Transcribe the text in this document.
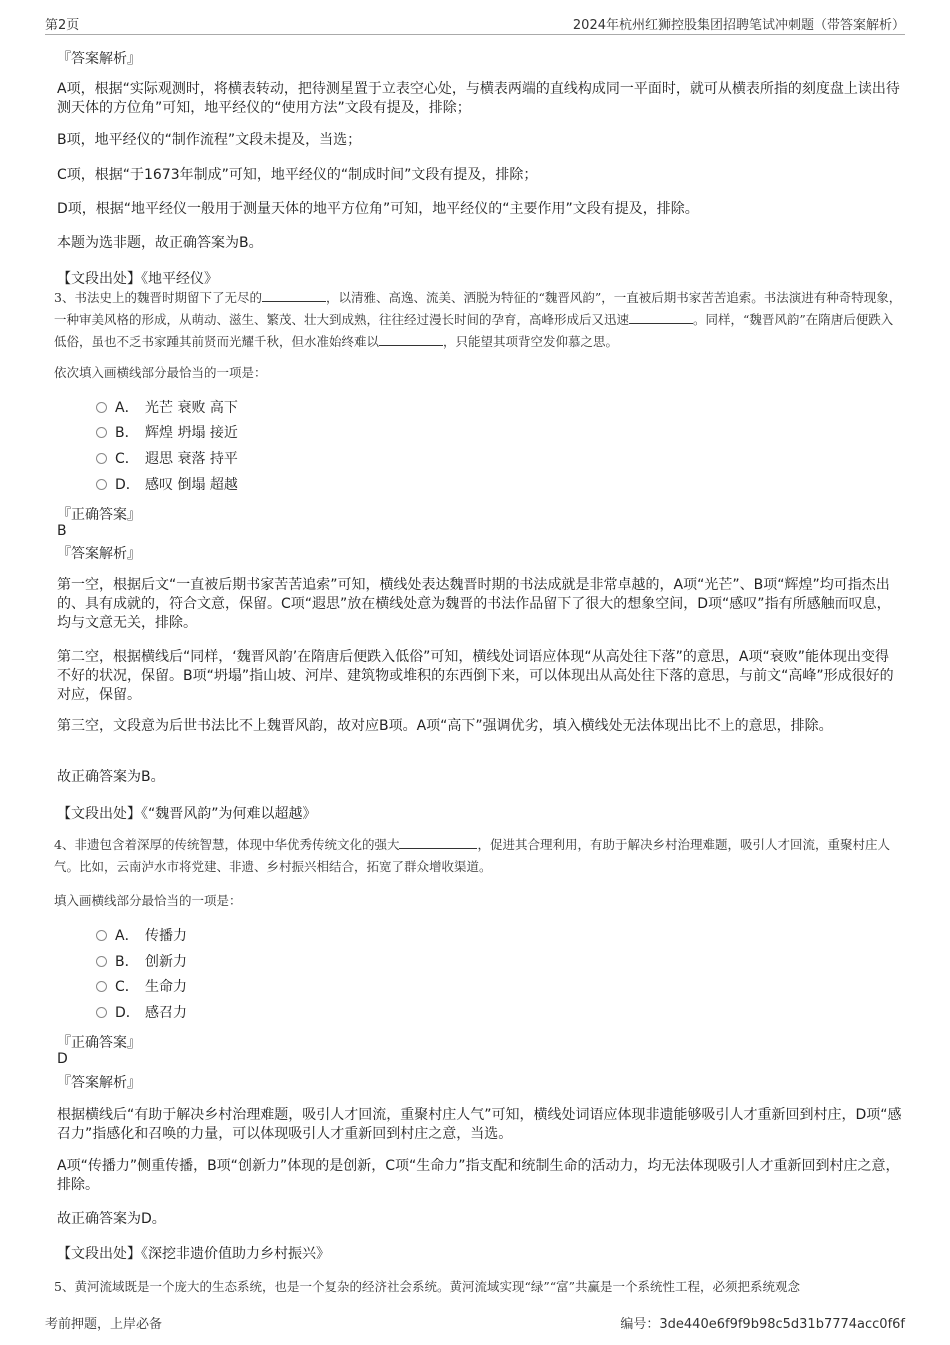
第2页	2024年杭州红狮控股集团招聘笔试冲刺题（带答案解析）
『答案解析』
A项，根据“实际观测时，将横表转动，把待测星置于立表空心处，与横表两端的直线构成同一平面时，就可从横表所指的刻度盘上读出待测天体的方位角”可知，地平经仪的“使用方法”文段有提及，排除；
B项，地平经仪的“制作流程”文段未提及，当选；
C项，根据“于1673年制成”可知，地平经仪的“制成时间”文段有提及，排除；
D项，根据“地平经仪一般用于测量天体的地平方位角”可知，地平经仪的“主要作用”文段有提及，排除。
本题为选非题，故正确答案为B。
【文段出处】《地平经仪》
3、书法史上的魏晋时期留下了无尽的	，以清雅、高逸、流美、洒脱为特征的“魏晋风韵”，一直被后期书家苦苦追索。书法演进有种奇特现象，一种审美风格的形成，从萌动、滋生、繁茂、壮大到成熟，往往经过漫长时间的孕育，高峰形成后又迅速	。同样，“魏晋风韵”在隋唐后便跌入低俗，虽也不乏书家踵其前贤而光耀千秋，但水准始终难以	，只能望其项背空发仰慕之思。
依次填入画横线部分最恰当的一项是：
A． 光芒 衰败 高下
B． 辉煌 坍塌 接近
C． 遐思 衰落 持平
D． 感叹 倒塌 超越
『正确答案』
B
『答案解析』
第一空，根据后文“一直被后期书家苦苦追索”可知，横线处表达魏晋时期的书法成就是非常卓越的，A项“光芒”、B项“辉煌”均可指杰出的、具有成就的，符合文意，保留。C项“遐思”放在横线处意为魏晋的书法作品留下了很大的想象空间，D项“感叹”指有所感触而叹息，均与文意无关，排除。
第二空，根据横线后“同样，‘魏晋风韵’在隋唐后便跌入低俗”可知，横线处词语应体现“从高处往下落”的意思，A项“衰败”能体现出变得不好的状况，保留。B项“坍塌”指山坡、河岸、建筑物或堆积的东西倒下来，可以体现出从高处往下落的意思，与前文“高峰”形成很好的对应，保留。
第三空，文段意为后世书法比不上魏晋风韵，故对应B项。A项“高下”强调优劣，填入横线处无法体现出比不上的意思，排除。
故正确答案为B。
【文段出处】《“魏晋风韵”为何难以超越》
4、非遗包含着深厚的传统智慧，体现中华优秀传统文化的强大	，促进其合理利用，有助于解决乡村治理难题，吸引人才回流，重聚村庄人气。比如，云南泸水市将党建、非遗、乡村振兴相结合，拓宽了群众增收渠道。
填入画横线部分最恰当的一项是：
A． 传播力
B． 创新力
C． 生命力
D． 感召力
『正确答案』
D
『答案解析』
根据横线后“有助于解决乡村治理难题，吸引人才回流，重聚村庄人气”可知，横线处词语应体现非遗能够吸引人才重新回到村庄，D项“感召力”指感化和召唤的力量，可以体现吸引人才重新回到村庄之意，当选。
A项“传播力”侧重传播，B项“创新力”体现的是创新，C项“生命力”指支配和统制生命的活动力，均无法体现吸引人才重新回到村庄之意，排除。
故正确答案为D。
【文段出处】《深挖非遗价值助力乡村振兴》
5、黄河流域既是一个庞大的生态系统，也是一个复杂的经济社会系统。黄河流域实现“绿”“富”共赢是一个系统性工程，必须把系统观念
考前押题，上岸必备	编号：3de440e6f9f9b98c5d31b7774acc0f6f
